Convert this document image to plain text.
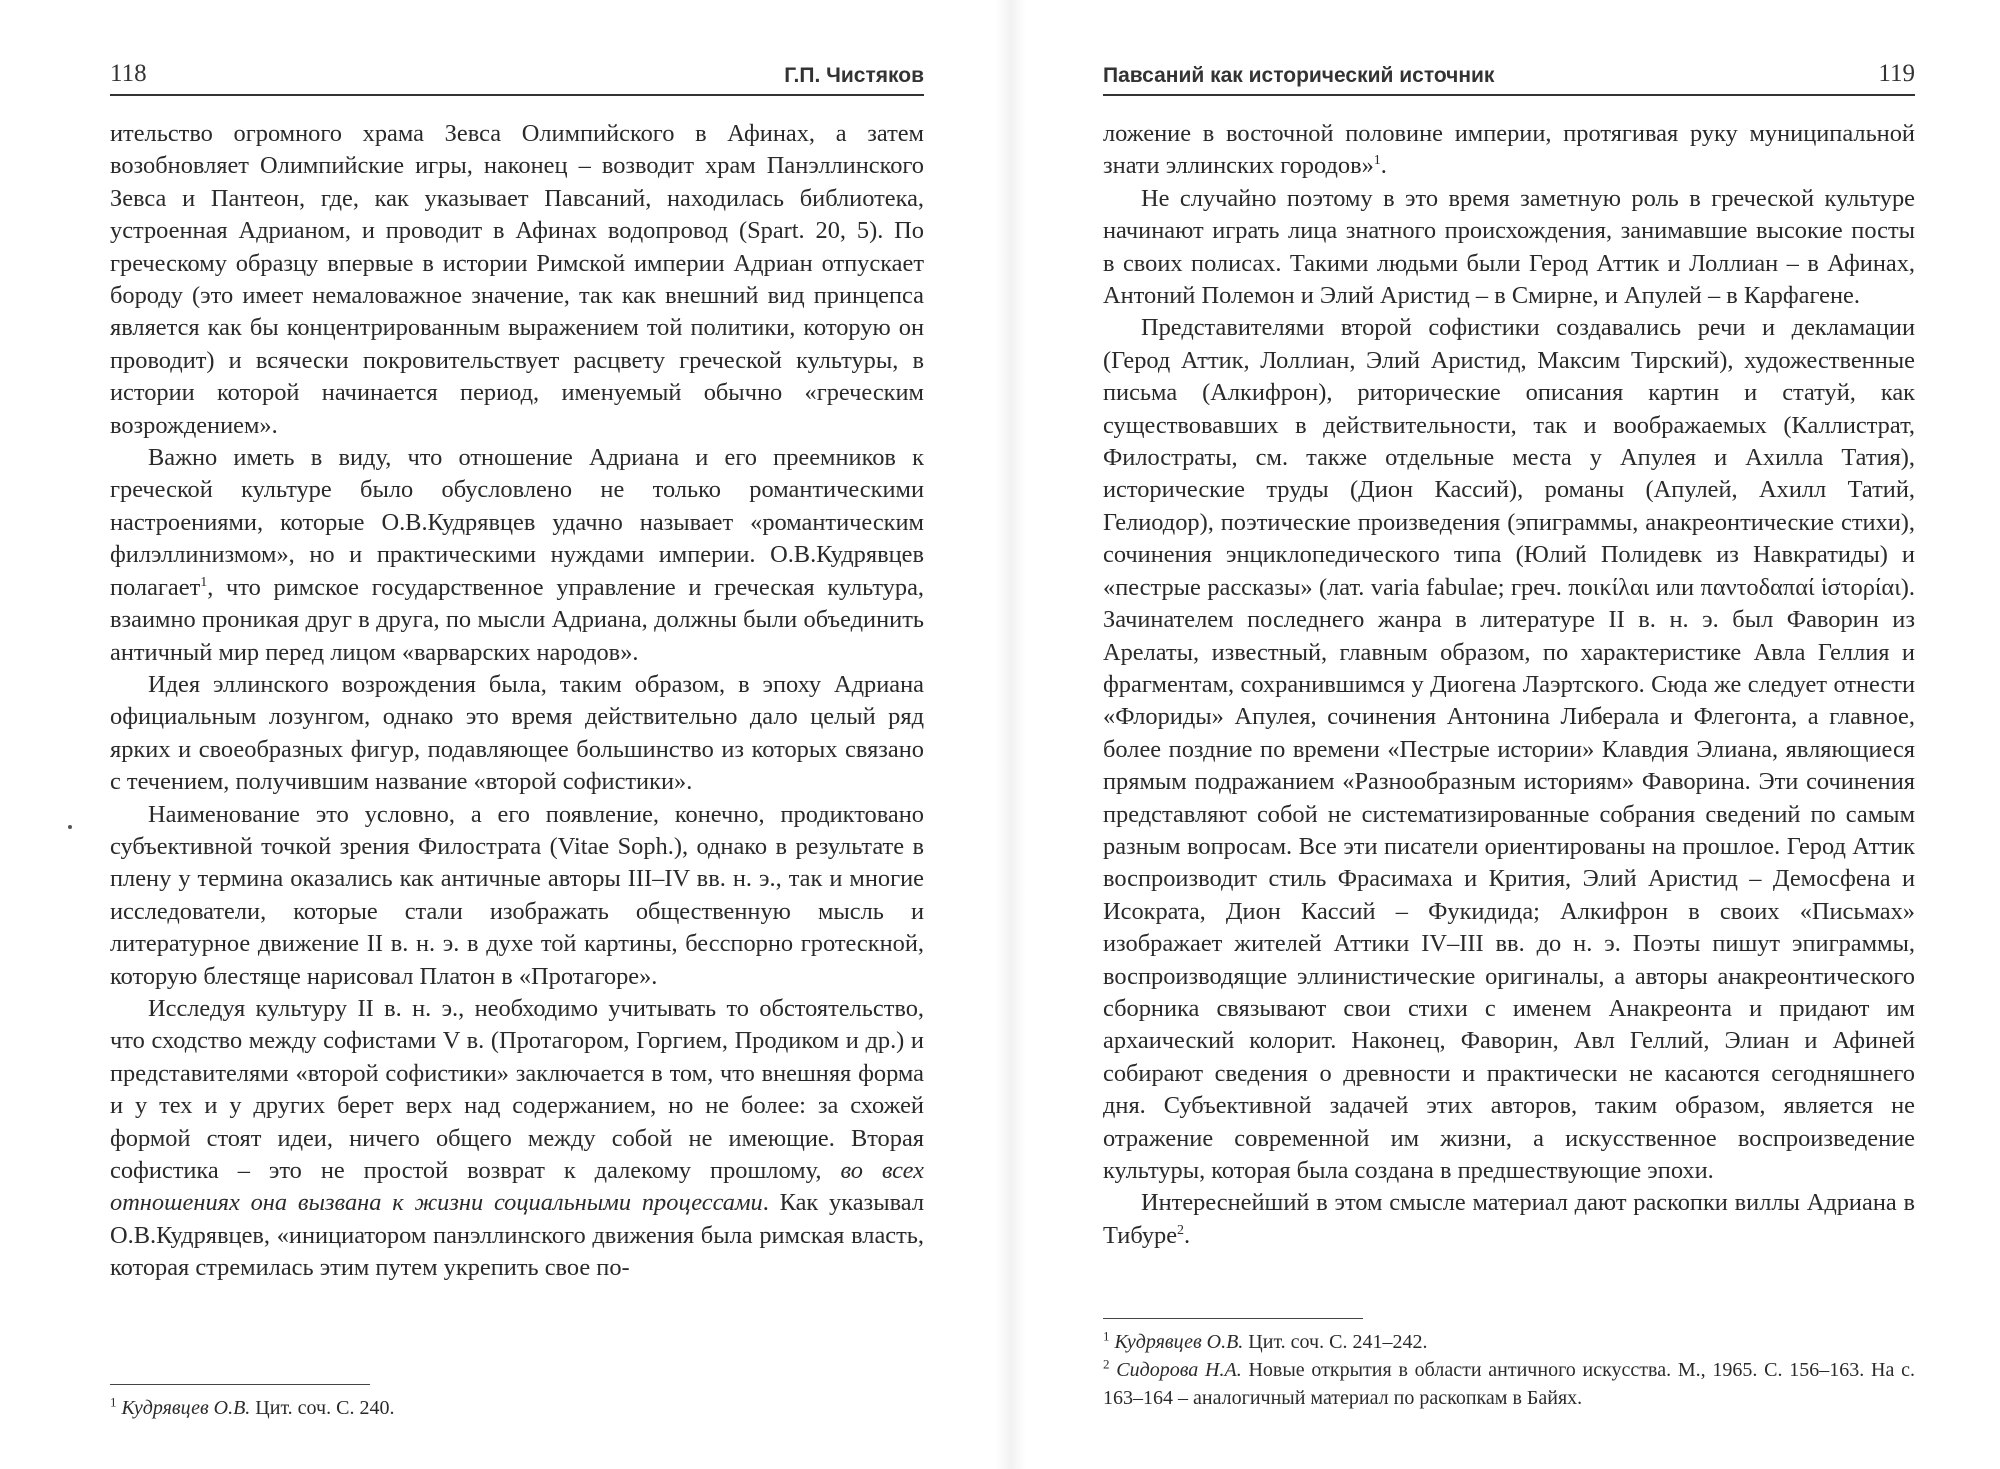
118	Г.П. Чистяков

ительство огромного храма Зевса Олимпийского в Афинах, а затем возобновляет Олимпийские игры, наконец – возводит храм Панэллинского Зевса и Пантеон, где, как указывает Павсаний, находилась библиотека, устроенная Адрианом, и проводит в Афинах водопровод (Spart. 20, 5). По греческому образцу впервые в истории Римской империи Адриан отпускает бороду (это имеет немаловажное значение, так как внешний вид принцепса является как бы концентрированным выражением той политики, которую он проводит) и всячески покровительствует расцвету греческой культуры, в истории которой начинается период, именуемый обычно «греческим возрождением».

Важно иметь в виду, что отношение Адриана и его преемников к греческой культуре было обусловлено не только романтическими настроениями, которые О.В.Кудрявцев удачно называет «романтическим филэллинизмом», но и практическими нуждами империи. О.В.Кудрявцев полагает$^1$, что римское государственное управление и греческая культура, взаимно проникая друг в друга, по мысли Адриана, должны были объединить античный мир перед лицом «варварских народов».

Идея эллинского возрождения была, таким образом, в эпоху Адриана официальным лозунгом, однако это время действительно дало целый ряд ярких и своеобразных фигур, подавляющее большинство из которых связано с течением, получившим название «второй софистики».

Наименование это условно, а его появление, конечно, продиктовано субъективной точкой зрения Филострата (Vitae Soph.), однако в результате в плену у термина оказались как античные авторы III–IV вв. н. э., так и многие исследователи, которые стали изображать общественную мысль и литературное движение II в. н. э. в духе той картины, бесспорно гротескной, которую блестяще нарисовал Платон в «Протагоре».

Исследуя культуру II в. н. э., необходимо учитывать то обстоятельство, что сходство между софистами V в. (Протагором, Горгием, Продиком и др.) и представителями «второй софистики» заключается в том, что внешняя форма и у тех и у других берет верх над содержанием, но не более: за схожей формой стоят идеи, ничего общего между собой не имеющие. Вторая софистика – это не простой возврат к далекому прошлому, во всех отношениях она вызвана к жизни социальными процессами. Как указывал О.В.Кудрявцев, «инициатором панэллинского движения была римская власть, которая стремилась этим путем укрепить свое по-

$^1$ Кудрявцев О.В. Цит. соч. С. 240.

Павсаний как исторический источник	119

ложение в восточной половине империи, протягивая руку муниципальной знати эллинских городов»$^1$.

Не случайно поэтому в это время заметную роль в греческой культуре начинают играть лица знатного происхождения, занимавшие высокие посты в своих полисах. Такими людьми были Герод Аттик и Лоллиан – в Афинах, Антоний Полемон и Элий Аристид – в Смирне, и Апулей – в Карфагене.

Представителями второй софистики создавались речи и декламации (Герод Аттик, Лоллиан, Элий Аристид, Максим Тирский), художественные письма (Алкифрон), риторические описания картин и статуй, как существовавших в действительности, так и воображаемых (Каллистрат, Филостраты, см. также отдельные места у Апулея и Ахилла Татия), исторические труды (Дион Кассий), романы (Апулей, Ахилл Татий, Гелиодор), поэтические произведения (эпиграммы, анакреонтические стихи), сочинения энциклопедического типа (Юлий Полидевк из Навкратиды) и «пестрые рассказы» (лат. varia fabulae; греч. ποικίλαι или παντοδαπαί ἱστορίαι). Зачинателем последнего жанра в литературе II в. н. э. был Фаворин из Арелаты, известный, главным образом, по характеристике Авла Геллия и фрагментам, сохранившимся у Диогена Лаэртского. Сюда же следует отнести «Флориды» Апулея, сочинения Антонина Либерала и Флегонта, а главное, более поздние по времени «Пестрые истории» Клавдия Элиана, являющиеся прямым подражанием «Разнообразным историям» Фаворина. Эти сочинения представляют собой не систематизированные собрания сведений по самым разным вопросам. Все эти писатели ориентированы на прошлое. Герод Аттик воспроизводит стиль Фрасимаха и Крития, Элий Аристид – Демосфена и Исократа, Дион Кассий – Фукидида; Алкифрон в своих «Письмах» изображает жителей Аттики IV–III вв. до н. э. Поэты пишут эпиграммы, воспроизводящие эллинистические оригиналы, а авторы анакреонтического сборника связывают свои стихи с именем Анакреонта и придают им архаический колорит. Наконец, Фаворин, Авл Геллий, Элиан и Афиней собирают сведения о древности и практически не касаются сегодняшнего дня. Субъективной задачей этих авторов, таким образом, является не отражение современной им жизни, а искусственное воспроизведение культуры, которая была создана в предшествующие эпохи.

Интереснейший в этом смысле материал дают раскопки виллы Адриана в Тибуре$^2$.

$^1$ Кудрявцев О.В. Цит. соч. С. 241–242.

$^2$ Сидорова Н.А. Новые открытия в области античного искусства. М., 1965. С. 156–163. На с. 163–164 – аналогичный материал по раскопкам в Байях.
